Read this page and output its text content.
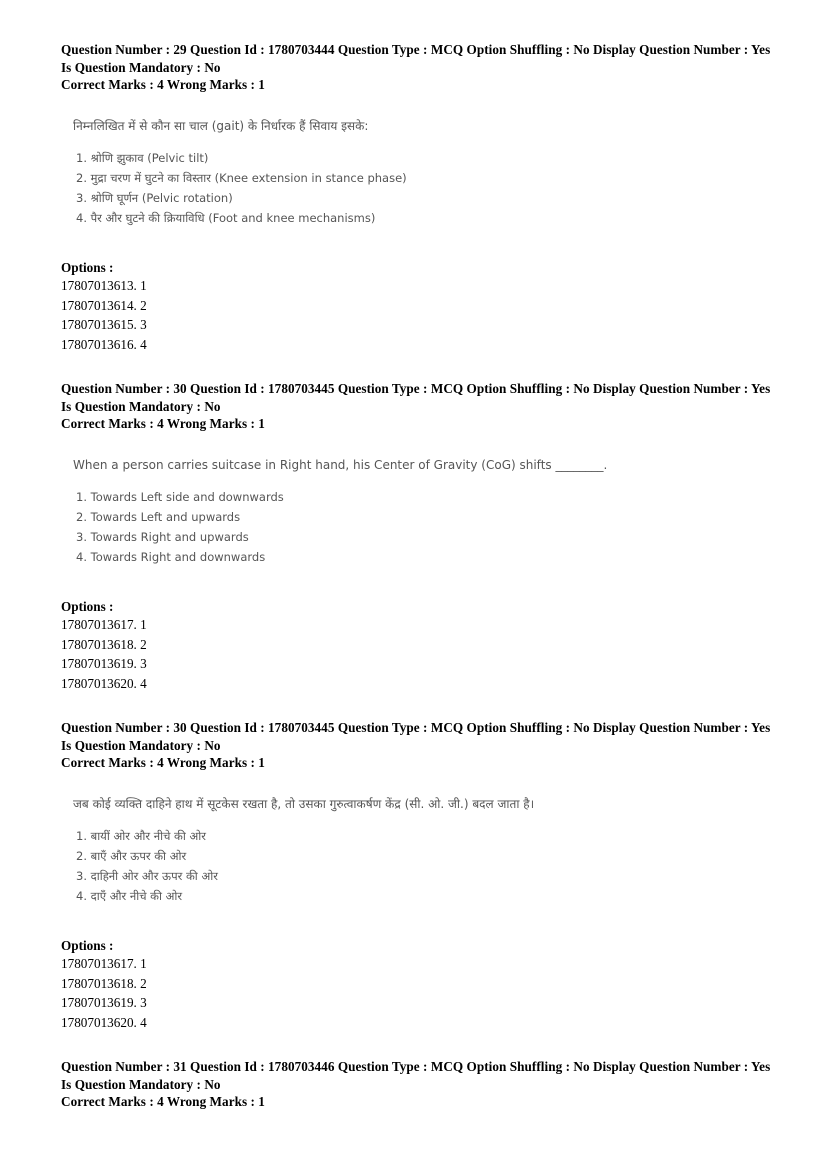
Question Number : 29 Question Id : 1780703444 Question Type : MCQ Option Shuffling : No Display Question Number : Yes
Is Question Mandatory : No
Correct Marks : 4 Wrong Marks : 1
निम्नलिखित में से कौन सा चाल (gait) के निर्धारक हैं सिवाय इसके:
1. श्रोणि झुकाव (Pelvic tilt)
2. मुद्रा चरण में घुटने का विस्तार (Knee extension in stance phase)
3. श्रोणि घूर्णन (Pelvic rotation)
4. पैर और घुटने की क्रियाविधि (Foot and knee mechanisms)
Options :
17807013613. 1
17807013614. 2
17807013615. 3
17807013616. 4
Question Number : 30 Question Id : 1780703445 Question Type : MCQ Option Shuffling : No Display Question Number : Yes
Is Question Mandatory : No
Correct Marks : 4 Wrong Marks : 1
When a person carries suitcase in Right hand, his Center of Gravity (CoG) shifts ________.
1. Towards Left side and downwards
2. Towards Left and upwards
3. Towards Right and upwards
4. Towards Right and downwards
Options :
17807013617. 1
17807013618. 2
17807013619. 3
17807013620. 4
Question Number : 30 Question Id : 1780703445 Question Type : MCQ Option Shuffling : No Display Question Number : Yes
Is Question Mandatory : No
Correct Marks : 4 Wrong Marks : 1
जब कोई व्यक्ति दाहिने हाथ में सूटकेस रखता है, तो उसका गुरुत्वाकर्षण केंद्र (सी. ओ. जी.) बदल जाता है।
1. बायीं ओर और नीचे की ओर
2. बाएँ और ऊपर की ओर
3. दाहिनी ओर और ऊपर की ओर
4. दाएँ और नीचे की ओर
Options :
17807013617. 1
17807013618. 2
17807013619. 3
17807013620. 4
Question Number : 31 Question Id : 1780703446 Question Type : MCQ Option Shuffling : No Display Question Number : Yes
Is Question Mandatory : No
Correct Marks : 4 Wrong Marks : 1
